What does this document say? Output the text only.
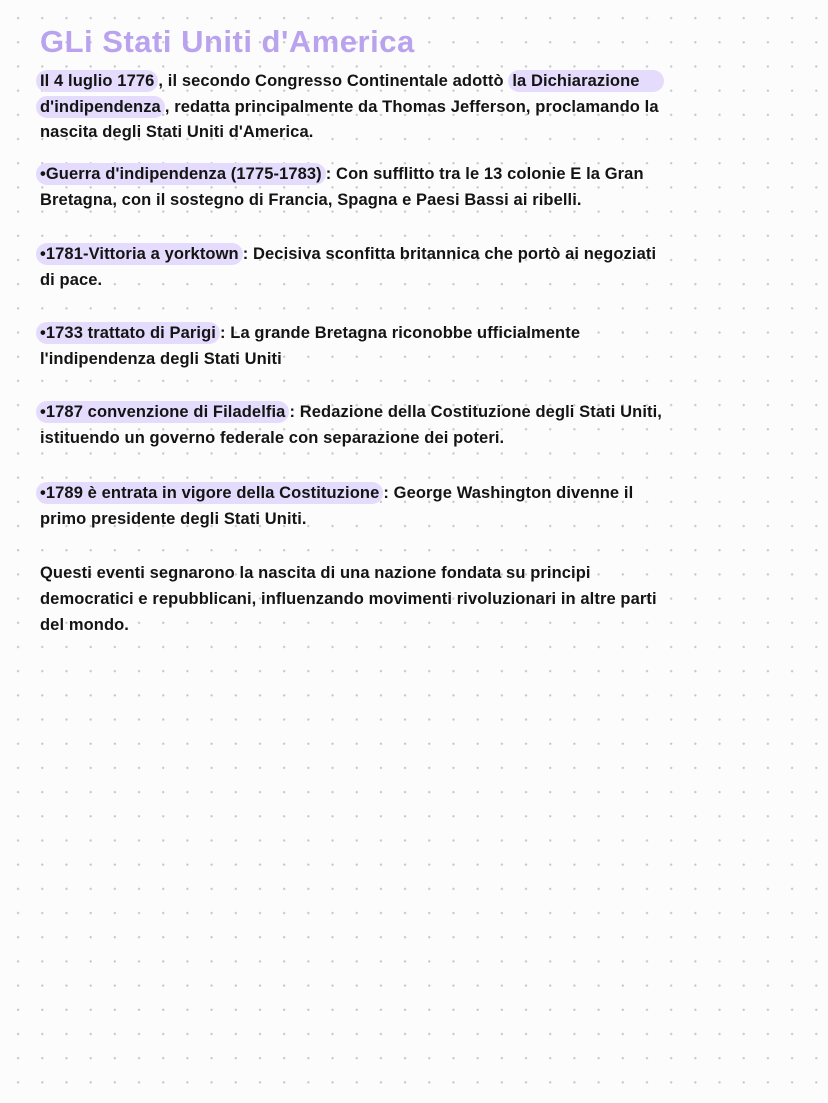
GLi Stati Uniti d'America
Il 4 luglio 1776 , il secondo Congresso Continentale adottò la Dichiarazione
d'indipendenza , redatta principalmente da Thomas Jefferson, proclamando la
nascita degli Stati Uniti d'America.
•Guerra d'indipendenza (1775-1783) : Con sufflitto tra le 13 colonie E la Gran
Bretagna, con il sostegno di Francia, Spagna e Paesi Bassi ai ribelli.
•1781-Vittoria a yorktown : Decisiva sconfitta britannica che portò ai negoziati
di pace.
•1733 trattato di Parigi : La grande Bretagna riconobbe ufficialmente
l'indipendenza degli Stati Uniti
•1787 convenzione di Filadelfia : Redazione della Costituzione degli Stati Uniti,
istituendo un governo federale con separazione dei poteri.
•1789 è entrata in vigore della Costituzione : George Washington divenne il
primo presidente degli Stati Uniti.
Questi eventi segnarono la nascita di una nazione fondata su principi
democratici e repubblicani, influenzando movimenti rivoluzionari in altre parti
del mondo.
